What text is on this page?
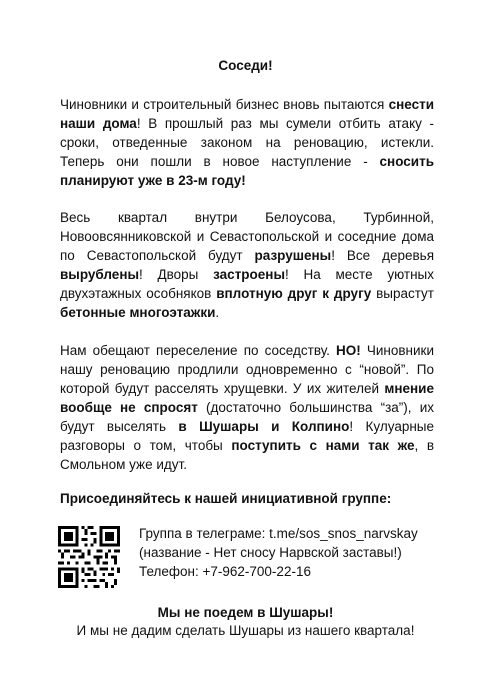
Соседи!
Чиновники и строительный бизнес вновь пытаются снести наши дома! В прошлый раз мы сумели отбить атаку - сроки, отведенные законом на реновацию, истекли. Теперь они пошли в новое наступление - сносить планируют уже в 23-м году!
Весь квартал внутри Белоусова, Турбинной, Новоовсянниковской и Севастопольской и соседние дома по Севастопольской будут разрушены! Все деревья вырублены! Дворы застроены! На месте уютных двухэтажных особняков вплотную друг к другу вырастут бетонные многоэтажки.
Нам обещают переселение по соседству. НО! Чиновники нашу реновацию продлили одновременно с “новой”. По которой будут расселять хрущевки. У их жителей мнение вообще не спросят (достаточно большинства “за”), их будут выселять в Шушары и Колпино! Кулуарные разговоры о том, чтобы поступить с нами так же, в Смольном уже идут.
Присоединяйтесь к нашей инициативной группе:
Группа в телеграме: t.me/sos_snos_narvskay
(название - Нет сносу Нарвской заставы!)
Телефон: +7-962-700-22-16
Мы не поедем в Шушары!
И мы не дадим сделать Шушары из нашего квартала!
